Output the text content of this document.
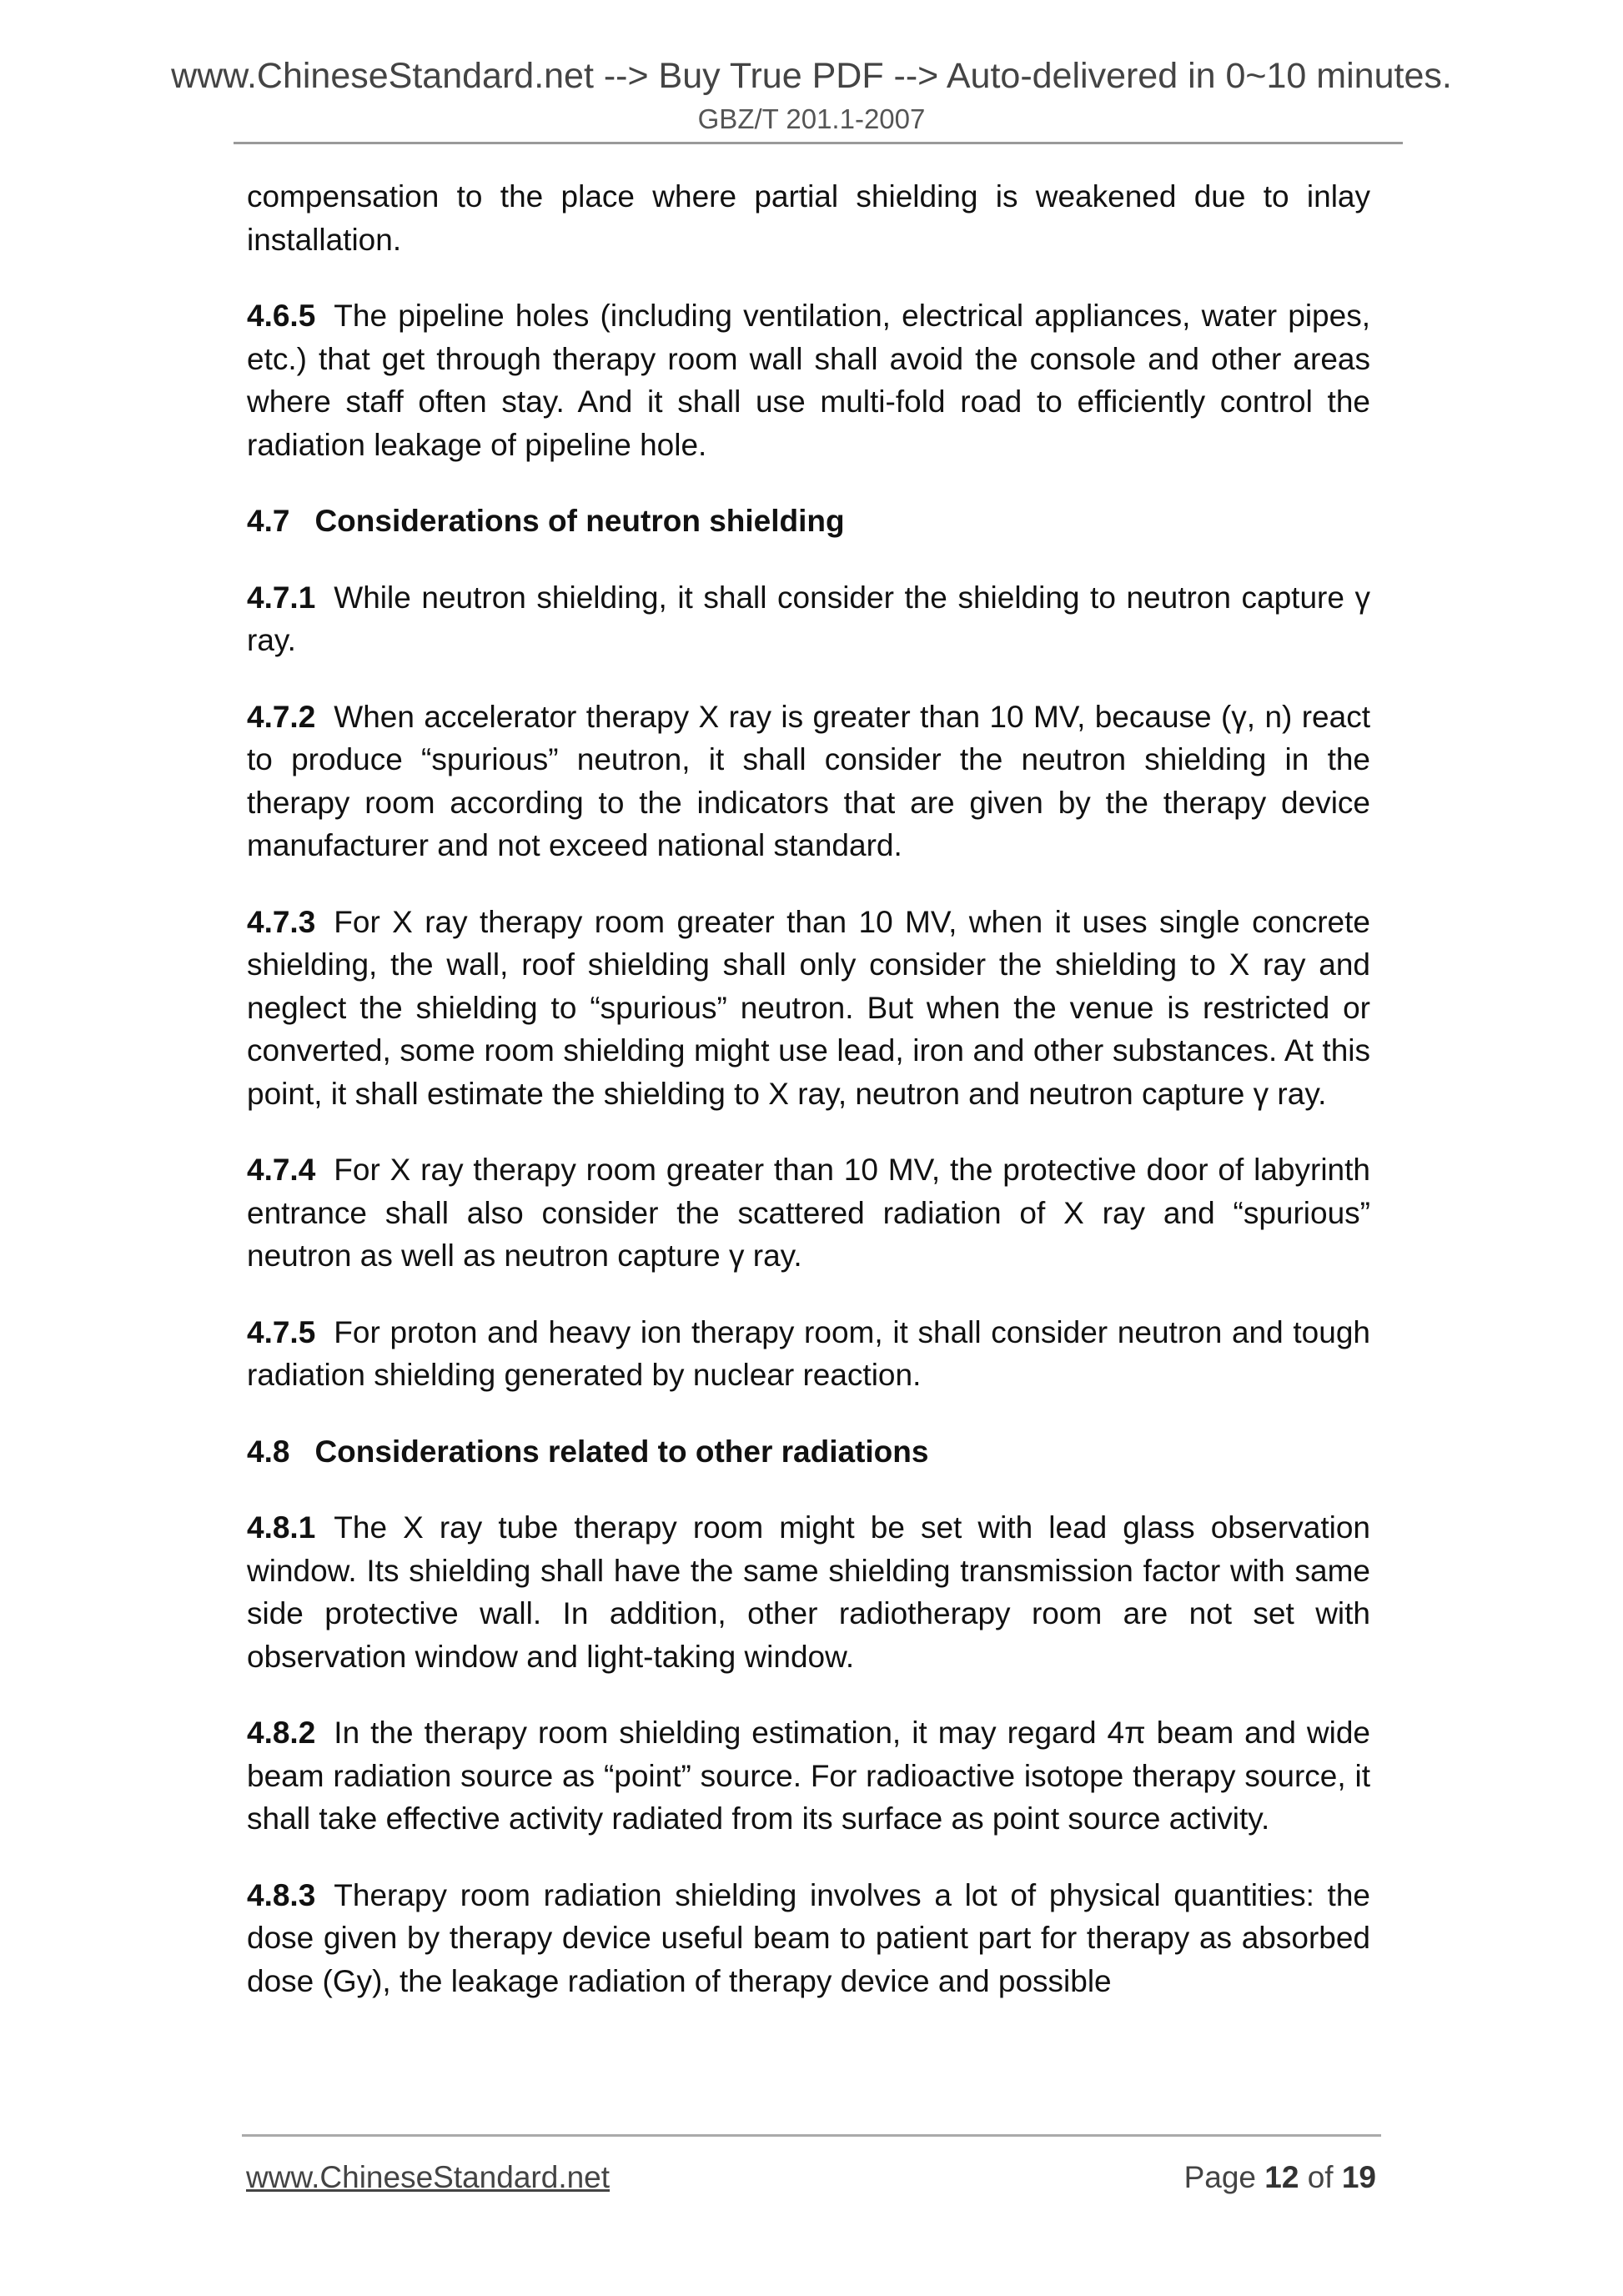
www.ChineseStandard.net --> Buy True PDF --> Auto-delivered in 0~10 minutes.
GBZ/T 201.1-2007

compensation to the place where partial shielding is weakened due to inlay installation.

4.6.5 The pipeline holes (including ventilation, electrical appliances, water pipes, etc.) that get through therapy room wall shall avoid the console and other areas where staff often stay. And it shall use multi-fold road to efficiently control the radiation leakage of pipeline hole.

4.7 Considerations of neutron shielding

4.7.1 While neutron shielding, it shall consider the shielding to neutron capture γ ray.

4.7.2 When accelerator therapy X ray is greater than 10 MV, because (γ, n) react to produce “spurious” neutron, it shall consider the neutron shielding in the therapy room according to the indicators that are given by the therapy device manufacturer and not exceed national standard.

4.7.3 For X ray therapy room greater than 10 MV, when it uses single concrete shielding, the wall, roof shielding shall only consider the shielding to X ray and neglect the shielding to “spurious” neutron. But when the venue is restricted or converted, some room shielding might use lead, iron and other substances. At this point, it shall estimate the shielding to X ray, neutron and neutron capture γ ray.

4.7.4 For X ray therapy room greater than 10 MV, the protective door of labyrinth entrance shall also consider the scattered radiation of X ray and “spurious” neutron as well as neutron capture γ ray.

4.7.5 For proton and heavy ion therapy room, it shall consider neutron and tough radiation shielding generated by nuclear reaction.

4.8 Considerations related to other radiations

4.8.1 The X ray tube therapy room might be set with lead glass observation window. Its shielding shall have the same shielding transmission factor with same side protective wall. In addition, other radiotherapy room are not set with observation window and light-taking window.

4.8.2 In the therapy room shielding estimation, it may regard 4π beam and wide beam radiation source as “point” source. For radioactive isotope therapy source, it shall take effective activity radiated from its surface as point source activity.

4.8.3 Therapy room radiation shielding involves a lot of physical quantities: the dose given by therapy device useful beam to patient part for therapy as absorbed dose (Gy), the leakage radiation of therapy device and possible

www.ChineseStandard.net	Page 12 of 19
